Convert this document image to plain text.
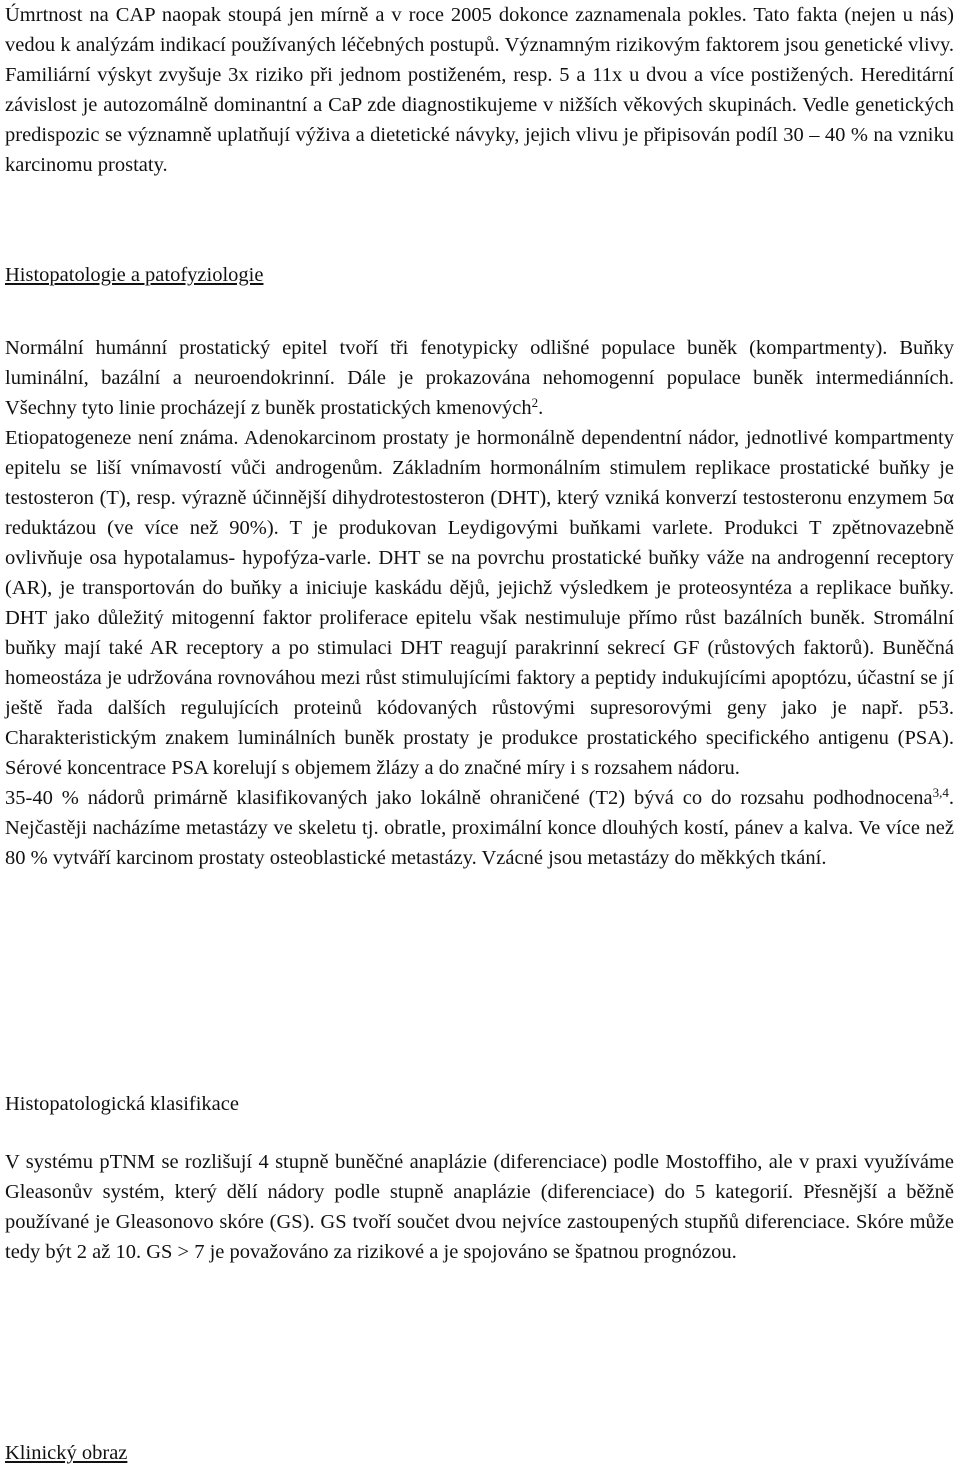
Úmrtnost na CAP naopak stoupá jen mírně a v roce 2005 dokonce zaznamenala pokles. Tato fakta (nejen u nás) vedou k analýzám indikací používaných léčebných postupů. Významným rizikovým faktorem jsou genetické vlivy. Familiární výskyt zvyšuje 3x riziko při jednom postiženém, resp. 5 a 11x u dvou a více postižených. Hereditární závislost je autozomálně dominantní a CaP zde diagnostikujeme v nižších věkových skupinách. Vedle genetických predispozic se významně uplatňují výživa a dietetické návyky, jejich vlivu je připisován podíl 30 – 40 % na vzniku karcinomu prostaty.

Histopatologie a patofyziologie

Normální humánní prostatický epitel tvoří tři fenotypicky odlišné populace buněk (kompartmenty). Buňky luminální, bazální a neuroendokrinní. Dále je prokazována nehomogenní populace buněk intermediánních. Všechny tyto linie procházejí z buněk prostatických kmenových$^2$.

Etiopatogeneze není známa. Adenokarcinom prostaty je hormonálně dependentní nádor, jednotlivé kompartmenty epitelu se liší vnímavostí vůči androgenům. Základním hormonálním stimulem replikace prostatické buňky je testosteron (T), resp. výrazně účinnější dihydrotestosteron (DHT), který vzniká konverzí testosteronu enzymem 5α reduktázou (ve více než 90%). T je produkovan Leydigovými buňkami varlete. Produkci T zpětnovazebně ovlivňuje osa hypotalamus- hypofýza-varle. DHT se na povrchu prostatické buňky váže na androgenní receptory (AR), je transportován do buňky a iniciuje kaskádu dějů, jejichž výsledkem je proteosyntéza a replikace buňky. DHT jako důležitý mitogenní faktor proliferace epitelu však nestimuluje přímo růst bazálních buněk. Stromální buňky mají také AR receptory a po stimulaci DHT reagují parakrinní sekrecí GF (růstových faktorů). Buněčná homeostáza je udržována rovnováhou mezi růst stimulujícími faktory a peptidy indukujícími apoptózu, účastní se jí ještě řada dalších regulujících proteinů kódovaných růstovými supresorovými geny jako je např. p53. Charakteristickým znakem luminálních buněk prostaty je produkce prostatického specifického antigenu (PSA). Sérové koncentrace PSA korelují s objemem žlázy a do značné míry i s rozsahem nádoru.

35-40 % nádorů primárně klasifikovaných jako lokálně ohraničené (T2) bývá co do rozsahu podhodnocena$^{3,4}$. Nejčastěji nacházíme metastázy ve skeletu tj. obratle, proximální konce dlouhých kostí, pánev a kalva. Ve více než 80 % vytváří karcinom prostaty osteoblastické metastázy. Vzácné jsou metastázy do měkkých tkání.

Histopatologická klasifikace

V systému pTNM se rozlišují 4 stupně buněčné anaplázie (diferenciace) podle Mostoffiho, ale v praxi využíváme Gleasonův systém, který dělí nádory podle stupně anaplázie (diferenciace) do 5 kategorií. Přesnější a běžně používané je Gleasonovo skóre (GS). GS tvoří součet dvou nejvíce zastoupených stupňů diferenciace. Skóre může tedy být 2 až 10. GS > 7 je považováno za rizikové a je spojováno se špatnou prognózou.

Klinický obraz
